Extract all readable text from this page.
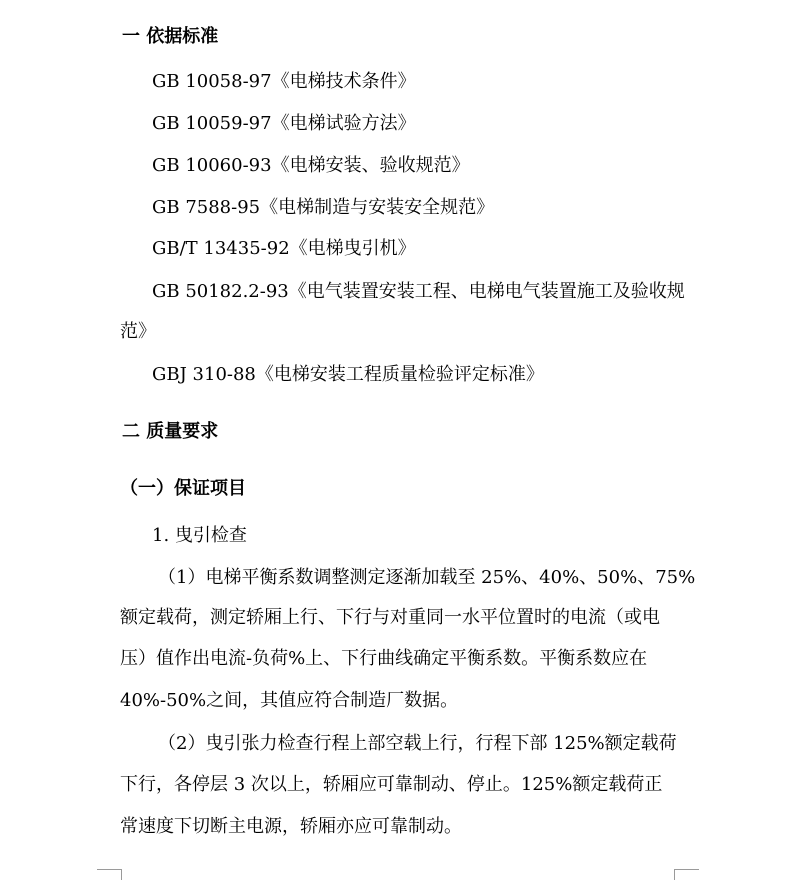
一 依据标准
GB 10058-97《电梯技术条件》
GB 10059-97《电梯试验方法》
GB 10060-93《电梯安装、验收规范》
GB 7588-95《电梯制造与安装安全规范》
GB/T 13435-92《电梯曳引机》
GB 50182.2-93《电气装置安装工程、电梯电气装置施工及验收规
范》
GBJ 310-88《电梯安装工程质量检验评定标准》
二 质量要求
（一）保证项目
1. 曳引检查
（1）电梯平衡系数调整测定逐渐加载至 25%、40%、50%、75%
额定载荷，测定轿厢上行、下行与对重同一水平位置时的电流（或电
压）值作出电流-负荷%上、下行曲线确定平衡系数。平衡系数应在
40%-50%之间，其值应符合制造厂数据。
（2）曳引张力检查行程上部空载上行，行程下部 125%额定载荷
下行，各停层 3 次以上，轿厢应可靠制动、停止。125%额定载荷正
常速度下切断主电源，轿厢亦应可靠制动。
